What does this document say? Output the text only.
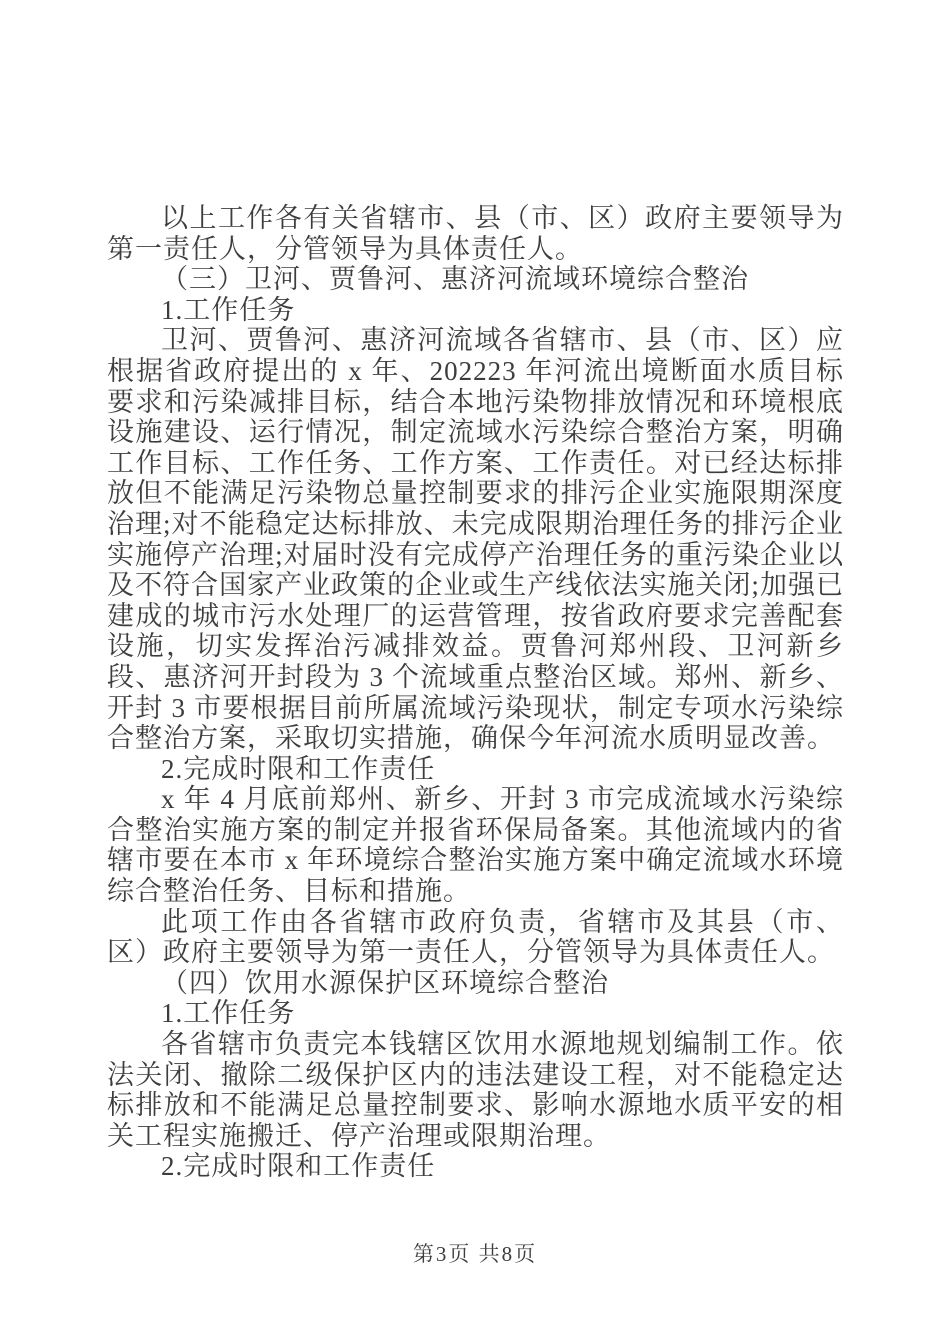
以上工作各有关省辖市、县（市、区）政府主要领导为第一责任人，分管领导为具体责任人。

（三）卫河、贾鲁河、惠济河流域环境综合整治

1.工作任务

卫河、贾鲁河、惠济河流域各省辖市、县（市、区）应根据省政府提出的 x 年、202223 年河流出境断面水质目标要求和污染减排目标，结合本地污染物排放情况和环境根底设施建设、运行情况，制定流域水污染综合整治方案，明确工作目标、工作任务、工作方案、工作责任。对已经达标排放但不能满足污染物总量控制要求的排污企业实施限期深度治理;对不能稳定达标排放、未完成限期治理任务的排污企业实施停产治理;对届时没有完成停产治理任务的重污染企业以及不符合国家产业政策的企业或生产线依法实施关闭;加强已建成的城市污水处理厂的运营管理，按省政府要求完善配套设施，切实发挥治污减排效益。贾鲁河郑州段、卫河新乡段、惠济河开封段为 3 个流域重点整治区域。郑州、新乡、开封 3 市要根据目前所属流域污染现状，制定专项水污染综合整治方案，采取切实措施，确保今年河流水质明显改善。

2.完成时限和工作责任

x 年 4 月底前郑州、新乡、开封 3 市完成流域水污染综合整治实施方案的制定并报省环保局备案。其他流域内的省辖市要在本市 x 年环境综合整治实施方案中确定流域水环境综合整治任务、目标和措施。

此项工作由各省辖市政府负责，省辖市及其县（市、区）政府主要领导为第一责任人，分管领导为具体责任人。

（四）饮用水源保护区环境综合整治

1.工作任务

各省辖市负责完本钱辖区饮用水源地规划编制工作。依法关闭、撤除二级保护区内的违法建设工程，对不能稳定达标排放和不能满足总量控制要求、影响水源地水质平安的相关工程实施搬迁、停产治理或限期治理。

2.完成时限和工作责任

第3页 共8页
